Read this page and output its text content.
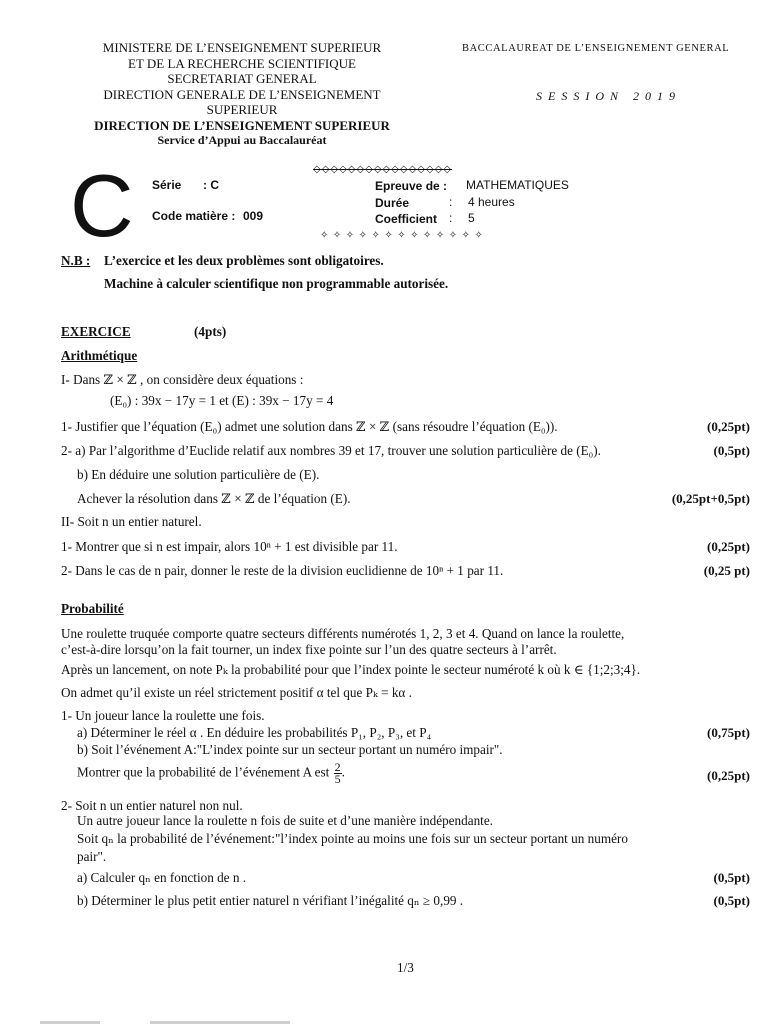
MINISTERE DE L’ENSEIGNEMENT SUPERIEUR
ET DE LA RECHERCHE SCIENTIFIQUE
SECRETARIAT GENERAL
DIRECTION GENERALE DE L’ENSEIGNEMENT
SUPERIEUR
DIRECTION DE L’ENSEIGNEMENT SUPERIEUR
Service d’Appui au Baccalauréat
BACCALAUREAT DE L’ENSEIGNEMENT GENERAL
SESSION 2019
◇◇◇◇◇◇◇◇◇◇◇◇◇◇◇◇
C Série : C
Code matière : 009
Epreuve de : MATHEMATIQUES
Durée	: 4 heures
Coefficient : 5
✧ ✧ ✧ ✧ ✧ ✧ ✧ ✧ ✧ ✧ ✧ ✧ ✧
N.B : L’exercice et les deux problèmes sont obligatoires.
Machine à calculer scientifique non programmable autorisée.
EXERCICE	(4pts)
Arithmétique
I- Dans ℤ × ℤ , on considère deux équations :
(E₀) : 39x − 17y = 1 et (E) : 39x − 17y = 4
1- Justifier que l’équation (E₀) admet une solution dans ℤ × ℤ (sans résoudre l’équation (E₀)).	(0,25pt)
2- a) Par l’algorithme d’Euclide relatif aux nombres 39 et 17, trouver une solution particulière de (E₀).	(0,5pt)
b) En déduire une solution particulière de (E).
Achever la résolution dans ℤ × ℤ de l’équation (E).	(0,25pt+0,5pt)
II- Soit n un entier naturel.
1- Montrer que si n est impair, alors 10ⁿ + 1 est divisible par 11.	(0,25pt)
2- Dans le cas de n pair, donner le reste de la division euclidienne de 10ⁿ + 1 par 11.	(0,25 pt)
Probabilité
Une roulette truquée comporte quatre secteurs différents numérotés 1, 2, 3 et 4. Quand on lance la roulette,
c’est-à-dire lorsqu’on la fait tourner, un index fixe pointe sur l’un des quatre secteurs à l’arrêt.
Après un lancement, on note Pₖ la probabilité pour que l’index pointe le secteur numéroté k où k ∈ {1;2;3;4}.
On admet qu’il existe un réel strictement positif α tel que Pₖ = kα .
1- Un joueur lance la roulette une fois.
a) Déterminer le réel α . En déduire les probabilités P₁, P₂, P₃, et P₄	(0,75pt)
b) Soit l’événement A:"L’index pointe sur un secteur portant un numéro impair".
Montrer que la probabilité de l’événement A est $\frac{2}{5}$ .	(0,25pt)
2- Soit n un entier naturel non nul.
Un autre joueur lance la roulette n fois de suite et d’une manière indépendante.
Soit qₙ la probabilité de l’événement:"l’index pointe au moins une fois sur un secteur portant un numéro
pair".
a) Calculer qₙ en fonction de n .	(0,5pt)
b) Déterminer le plus petit entier naturel n vérifiant l’inégalité qₙ ≥ 0,99 .	(0,5pt)
1/3
